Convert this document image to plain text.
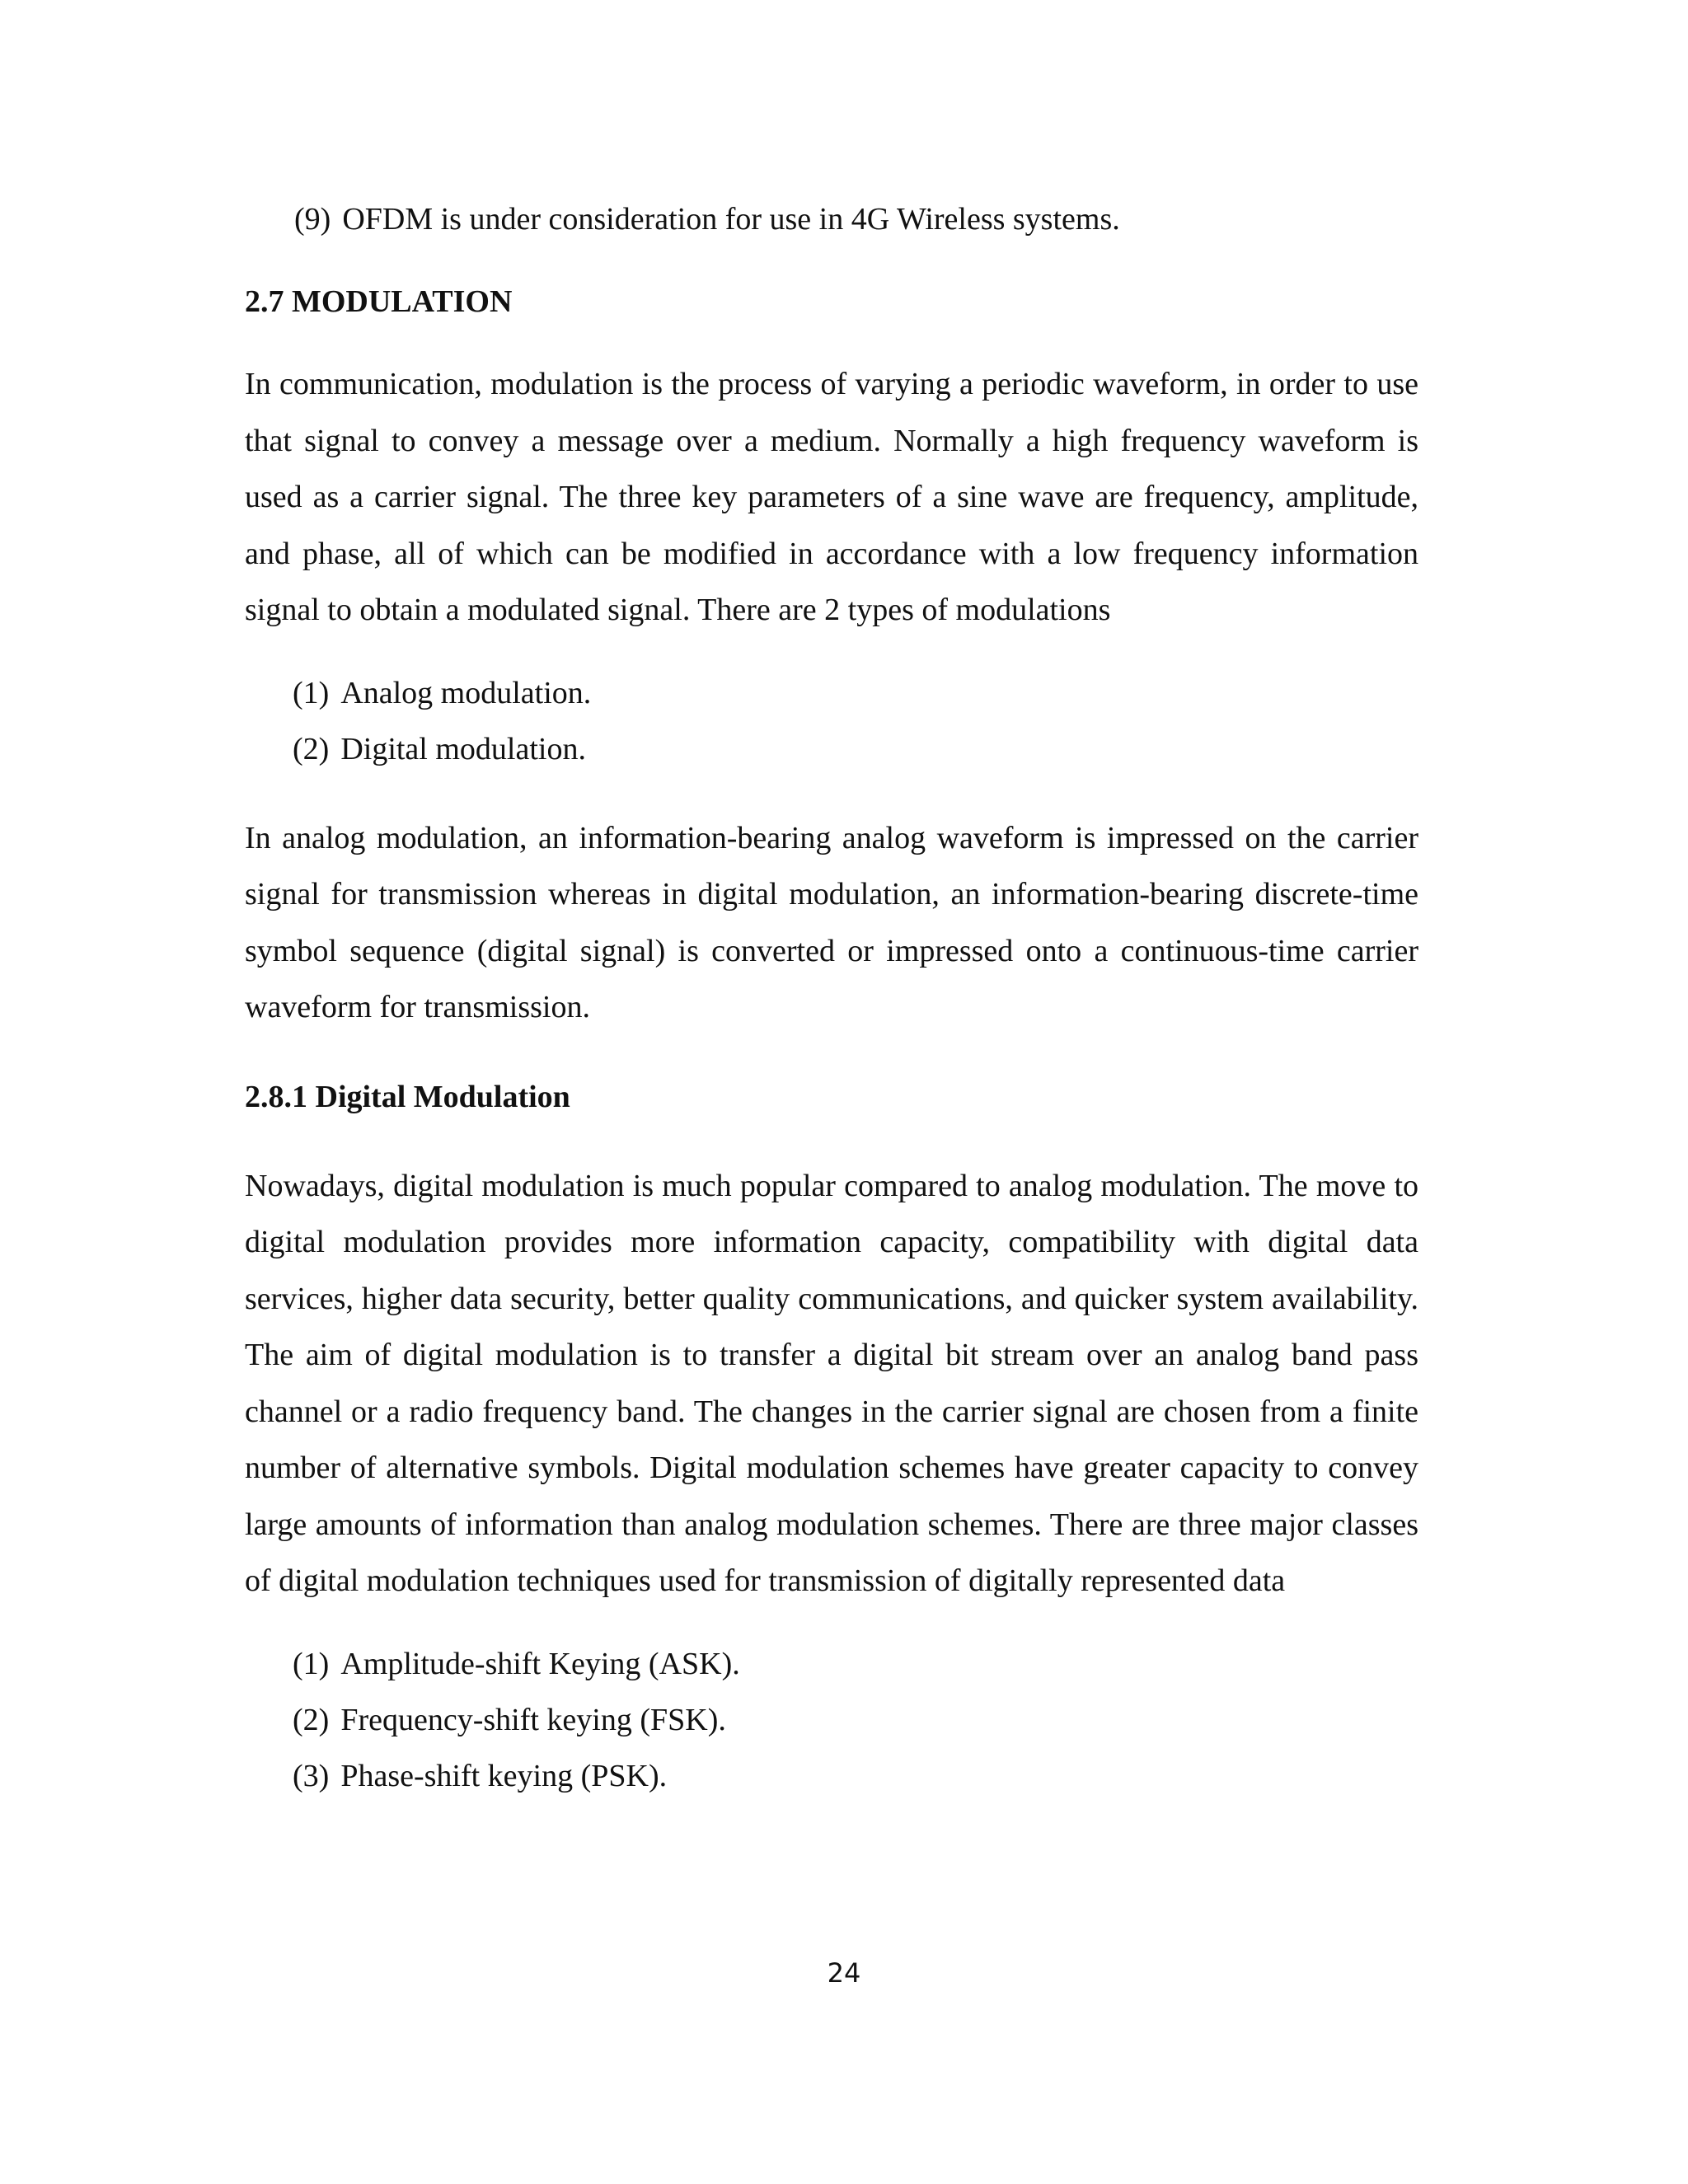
(9) OFDM is under consideration for use in 4G Wireless systems.

2.7 MODULATION

In communication, modulation is the process of varying a periodic waveform, in order to use that signal to convey a message over a medium. Normally a high frequency waveform is used as a carrier signal. The three key parameters of a sine wave are frequency, amplitude, and phase, all of which can be modified in accordance with a low frequency information signal to obtain a modulated signal. There are 2 types of modulations

(1) Analog modulation.

(2) Digital modulation.

In analog modulation, an information-bearing analog waveform is impressed on the carrier signal for transmission whereas in digital modulation, an information-bearing discrete-time symbol sequence (digital signal) is converted or impressed onto a continuous-time carrier waveform for transmission.

2.8.1 Digital Modulation

Nowadays, digital modulation is much popular compared to analog modulation. The move to digital modulation provides more information capacity, compatibility with digital data services, higher data security, better quality communications, and quicker system availability. The aim of digital modulation is to transfer a digital bit stream over an analog band pass channel or a radio frequency band. The changes in the carrier signal are chosen from a finite number of alternative symbols. Digital modulation schemes have greater capacity to convey large amounts of information than analog modulation schemes. There are three major classes of digital modulation techniques used for transmission of digitally represented data

(1) Amplitude-shift Keying (ASK).

(2) Frequency-shift keying (FSK).

(3) Phase-shift keying (PSK).

24
